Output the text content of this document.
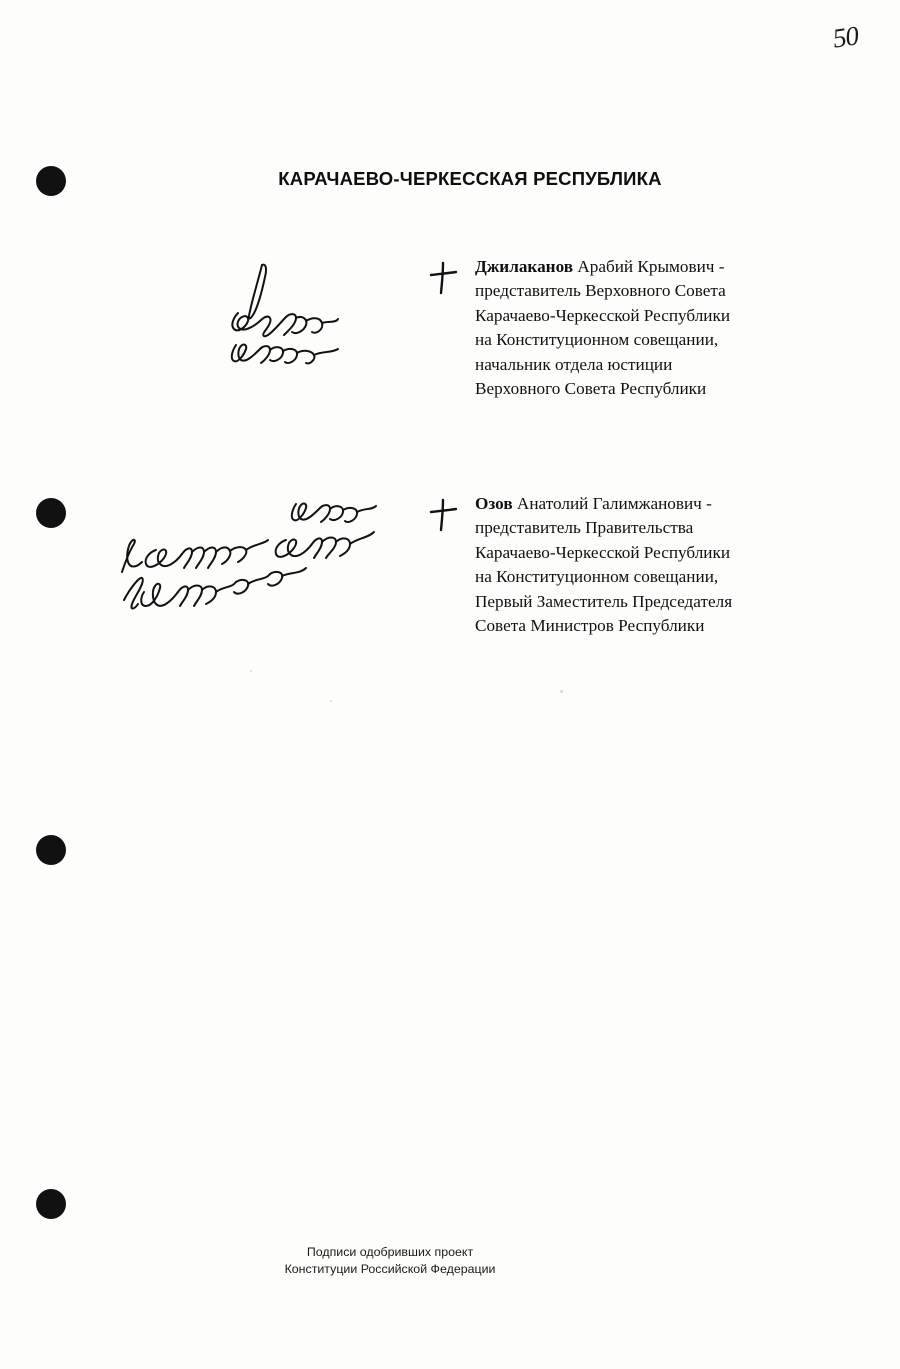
50
КАРАЧАЕВО-ЧЕРКЕССКАЯ РЕСПУБЛИКА
Джилаканов Арабий Крымович -
представитель Верховного Совета
Карачаево-Черкесской Республики
на Конституционном совещании,
начальник отдела юстиции
Верховного Совета Республики
Озов Анатолий Галимжанович -
представитель Правительства
Карачаево-Черкесской Республики
на Конституционном совещании,
Первый Заместитель Председателя
Совета Министров Республики
Подписи одобривших проект
Конституции Российской Федерации
